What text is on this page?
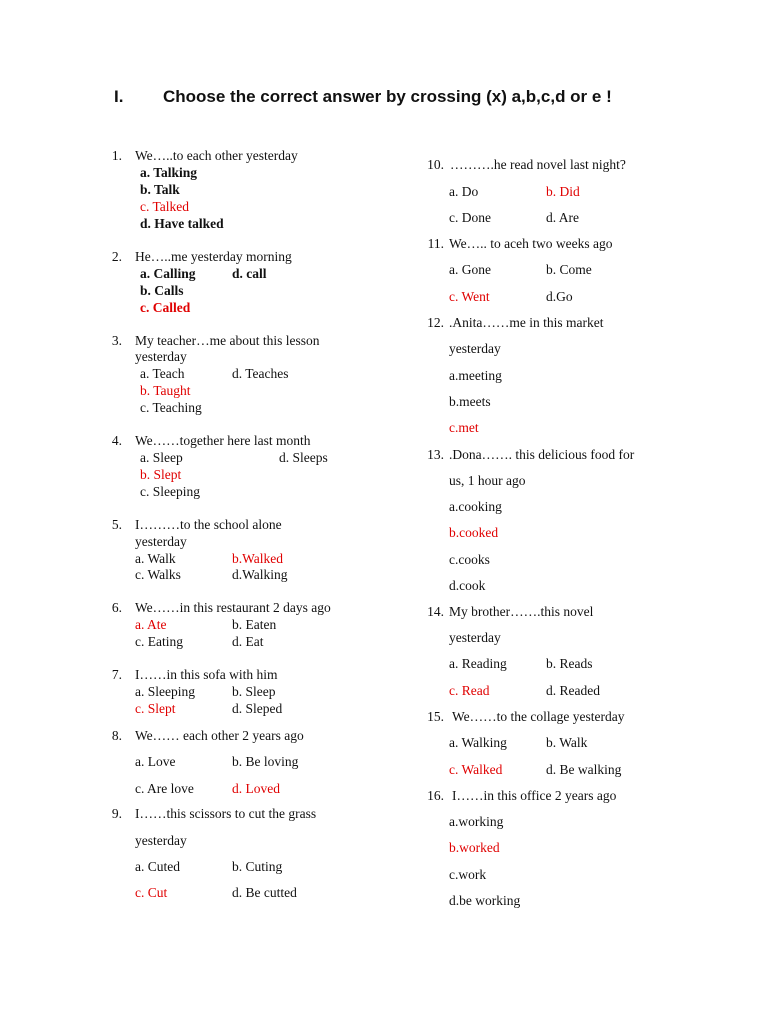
I. Choose the correct answer by crossing (x) a,b,c,d or e !
1. We…..to each other yesterday
a. Talking
b. Talk
c. Talked
d. Have talked
2. He…..me yesterday morning
a. Calling	d. call
b. Calls
c. Called
3. My teacher…me about this lesson
yesterday
a. Teach	d. Teaches
b. Taught
c. Teaching
4. We……together here last month
a. Sleep	d. Sleeps
b. Slept
c. Sleeping
5. I………to the school alone
yesterday
a. Walk	b.Walked
c. Walks	d.Walking
6. We……in this restaurant 2 days ago
a. Ate	b. Eaten
c. Eating	d. Eat
7. I……in this sofa with him
a. Sleeping	b. Sleep
c. Slept	d. Sleped
8. We…… each other 2 years ago
a. Love	b. Be loving
c. Are love	d. Loved
9. I……this scissors to cut the grass
yesterday
a. Cuted	b. Cuting
c. Cut	d. Be cutted
10. ……….he read novel last night?
a. Do	b. Did
c. Done	d. Are
11. We….. to aceh two weeks ago
a. Gone	b. Come
c. Went	d.Go
12. .Anita……me in this market
yesterday
a.meeting
b.meets
c.met
13. .Dona……. this delicious food for
us, 1 hour ago
a.cooking
b.cooked
c.cooks
d.cook
14. My brother…….this novel
yesterday
a. Reading	b. Reads
c. Read	d. Readed
15. We……to the collage yesterday
a. Walking	b. Walk
c. Walked	d. Be walking
16. I……in this office 2 years ago
a.working
b.worked
c.work
d.be working
